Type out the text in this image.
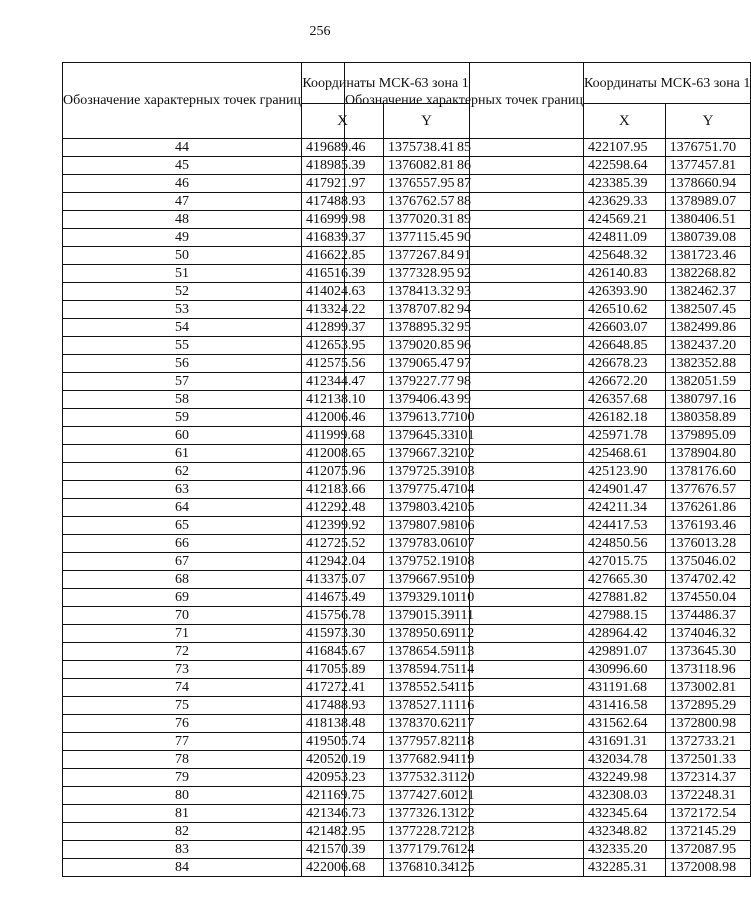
256
Обозначение характерных точек границ	Координаты МСК-63 зона 1	
	X	Y
44	419689.46	1375738.41
45	418985.39	1376082.81
46	417921.97	1376557.95
47	417488.93	1376762.57
48	416999.98	1377020.31
49	416839.37	1377115.45
50	416622.85	1377267.84
51	416516.39	1377328.95
52	414024.63	1378413.32
53	413324.22	1378707.82
54	412899.37	1378895.32
55	412653.95	1379020.85
56	412575.56	1379065.47
57	412344.47	1379227.77
58	412138.10	1379406.43
59	412006.46	1379613.77
60	411999.68	1379645.33
61	412008.65	1379667.32
62	412075.96	1379725.39
63	412183.66	1379775.47
64	412292.48	1379803.42
65	412399.92	1379807.98
66	412725.52	1379783.06
67	412942.04	1379752.19
68	413375.07	1379667.95
69	414675.49	1379329.10
70	415756.78	1379015.39
71	415973.30	1378950.69
72	416845.67	1378654.59
73	417055.89	1378594.75
74	417272.41	1378552.54
75	417488.93	1378527.11
76	418138.48	1378370.62
77	419505.74	1377957.82
78	420520.19	1377682.94
79	420953.23	1377532.31
80	421169.75	1377427.60
81	421346.73	1377326.13
82	421482.95	1377228.72
83	421570.39	1377179.76
84	422006.68	1376810.34
Обозначение характерных точек границ	Координаты МСК-63 зона 1	
	X	Y
85	422107.95	1376751.70
86	422598.64	1377457.81
87	423385.39	1378660.94
88	423629.33	1378989.07
89	424569.21	1380406.51
90	424811.09	1380739.08
91	425648.32	1381723.46
92	426140.83	1382268.82
93	426393.90	1382462.37
94	426510.62	1382507.45
95	426603.07	1382499.86
96	426648.85	1382437.20
97	426678.23	1382352.88
98	426672.20	1382051.59
99	426357.68	1380797.16
100	426182.18	1380358.89
101	425971.78	1379895.09
102	425468.61	1378904.80
103	425123.90	1378176.60
104	424901.47	1377676.57
105	424211.34	1376261.86
106	424417.53	1376193.46
107	424850.56	1376013.28
108	427015.75	1375046.02
109	427665.30	1374702.42
110	427881.82	1374550.04
111	427988.15	1374486.37
112	428964.42	1374046.32
113	429891.07	1373645.30
114	430996.60	1373118.96
115	431191.68	1373002.81
116	431416.58	1372895.29
117	431562.64	1372800.98
118	431691.31	1372733.21
119	432034.78	1372501.33
120	432249.98	1372314.37
121	432308.03	1372248.31
122	432345.64	1372172.54
123	432348.82	1372145.29
124	432335.20	1372087.95
125	432285.31	1372008.98
